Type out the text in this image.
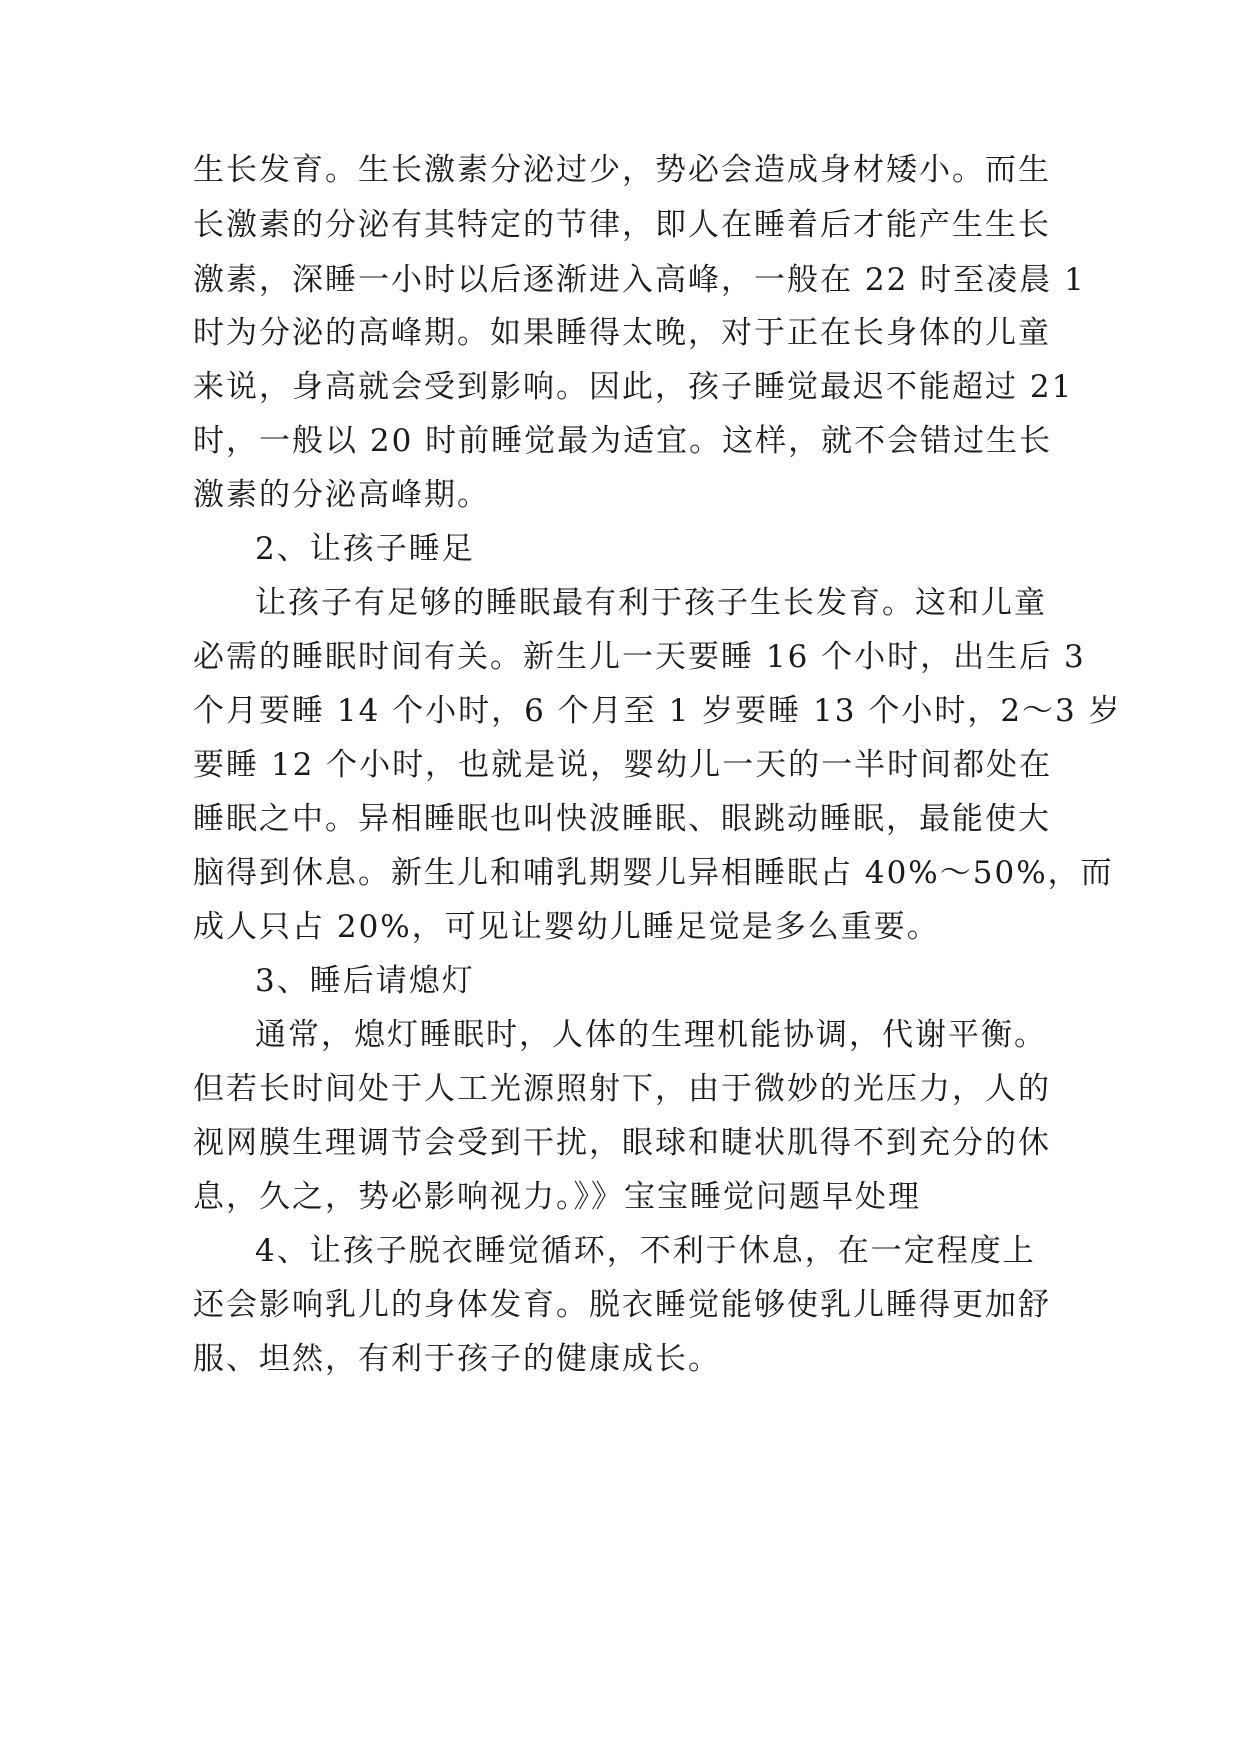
生长发育。生长激素分泌过少，势必会造成身材矮小。而生
长激素的分泌有其特定的节律，即人在睡着后才能产生生长
激素，深睡一小时以后逐渐进入高峰，一般在 22 时至凌晨 1
时为分泌的高峰期。如果睡得太晚，对于正在长身体的儿童
来说，身高就会受到影响。因此，孩子睡觉最迟不能超过 21
时，一般以 20 时前睡觉最为适宜。这样，就不会错过生长
激素的分泌高峰期。
2、让孩子睡足
让孩子有足够的睡眠最有利于孩子生长发育。这和儿童
必需的睡眠时间有关。新生儿一天要睡 16 个小时，出生后 3
个月要睡 14 个小时，6 个月至 1 岁要睡 13 个小时，2～3 岁
要睡 12 个小时，也就是说，婴幼儿一天的一半时间都处在
睡眠之中。异相睡眠也叫快波睡眠、眼跳动睡眠，最能使大
脑得到休息。新生儿和哺乳期婴儿异相睡眠占 40%～50%，而
成人只占 20%，可见让婴幼儿睡足觉是多么重要。
3、睡后请熄灯
通常，熄灯睡眠时，人体的生理机能协调，代谢平衡。
但若长时间处于人工光源照射下，由于微妙的光压力，人的
视网膜生理调节会受到干扰，眼球和睫状肌得不到充分的休
息，久之，势必影响视力。》》宝宝睡觉问题早处理
4、让孩子脱衣睡觉循环，不利于休息，在一定程度上
还会影响乳儿的身体发育。脱衣睡觉能够使乳儿睡得更加舒
服、坦然，有利于孩子的健康成长。
